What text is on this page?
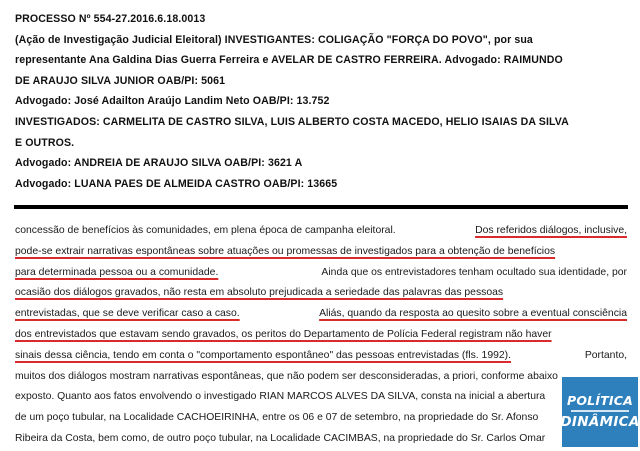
PROCESSO Nº 554-27.2016.6.18.0013
(Ação de Investigação Judicial Eleitoral) INVESTIGANTES: COLIGAÇÃO "FORÇA DO POVO", por sua
representante Ana Galdina Dias Guerra Ferreira e AVELAR DE CASTRO FERREIRA. Advogado: RAIMUNDO
DE ARAUJO SILVA JUNIOR OAB/PI: 5061
Advogado: José Adailton Araújo Landim Neto OAB/PI: 13.752
INVESTIGADOS: CARMELITA DE CASTRO SILVA, LUIS ALBERTO COSTA MACEDO, HELIO ISAIAS DA SILVA
E OUTROS.
Advogado: ANDREIA DE ARAUJO SILVA OAB/PI: 3621 A
Advogado: LUANA PAES DE ALMEIDA CASTRO OAB/PI: 13665
concessão de benefícios às comunidades, em plena época de campanha eleitoral.	Dos referidos diálogos, inclusive,
pode-se extrair narrativas espontâneas sobre atuações ou promessas de investigados para a obtenção de benefícios
para determinada pessoa ou a comunidade.	Ainda que os entrevistadores tenham ocultado sua identidade, por
ocasião dos diálogos gravados, não resta em absoluto prejudicada a seriedade das palavras das pessoas
entrevistadas, que se deve verificar caso a caso.	Aliás, quando da resposta ao quesito sobre a eventual consciência
dos entrevistados que estavam sendo gravados, os peritos do Departamento de Polícia Federal registram não haver
sinais dessa ciência, tendo em conta o "comportamento espontâneo" das pessoas entrevistadas (fls. 1992).	Portanto,
muitos dos diálogos mostram narrativas espontâneas, que não podem ser desconsideradas, a priori, conforme abaixo
exposto. Quanto aos fatos envolvendo o investigado RIAN MARCOS ALVES DA SILVA, consta na inicial a abertura
de um poço tubular, na Localidade CACHOEIRINHA, entre os 06 e 07 de setembro, na propriedade do Sr. Afonso
Ribeira da Costa, bem como, de outro poço tubular, na Localidade CACIMBAS, na propriedade do Sr. Carlos Omar
POLÍTICA
DINÂMICA
